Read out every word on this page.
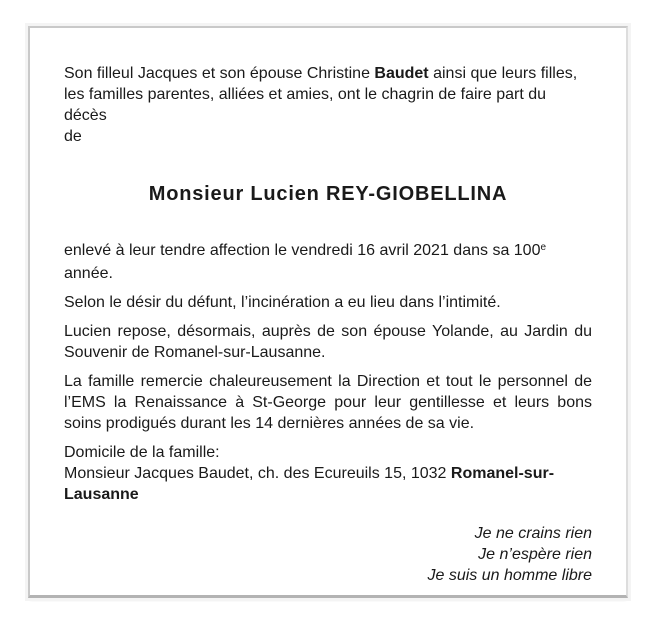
Son filleul Jacques et son épouse Christine Baudet ainsi que leurs filles,
les familles parentes, alliées et amies, ont le chagrin de faire part du décès
de
Monsieur Lucien REY-GIOBELLINA
enlevé à leur tendre affection le vendredi 16 avril 2021 dans sa 100e
année.
Selon le désir du défunt, l’incinération a eu lieu dans l’intimité.
Lucien repose, désormais, auprès de son épouse Yolande, au Jardin du
Souvenir de Romanel-sur-Lausanne.
La famille remercie chaleureusement la Direction et tout le personnel de
l’EMS la Renaissance à St-George pour leur gentillesse et leurs bons
soins prodigués durant les 14 dernières années de sa vie.
Domicile de la famille:
Monsieur Jacques Baudet, ch. des Ecureuils 15, 1032 Romanel-sur-
Lausanne
Je ne crains rien
Je n’espère rien
Je suis un homme libre
